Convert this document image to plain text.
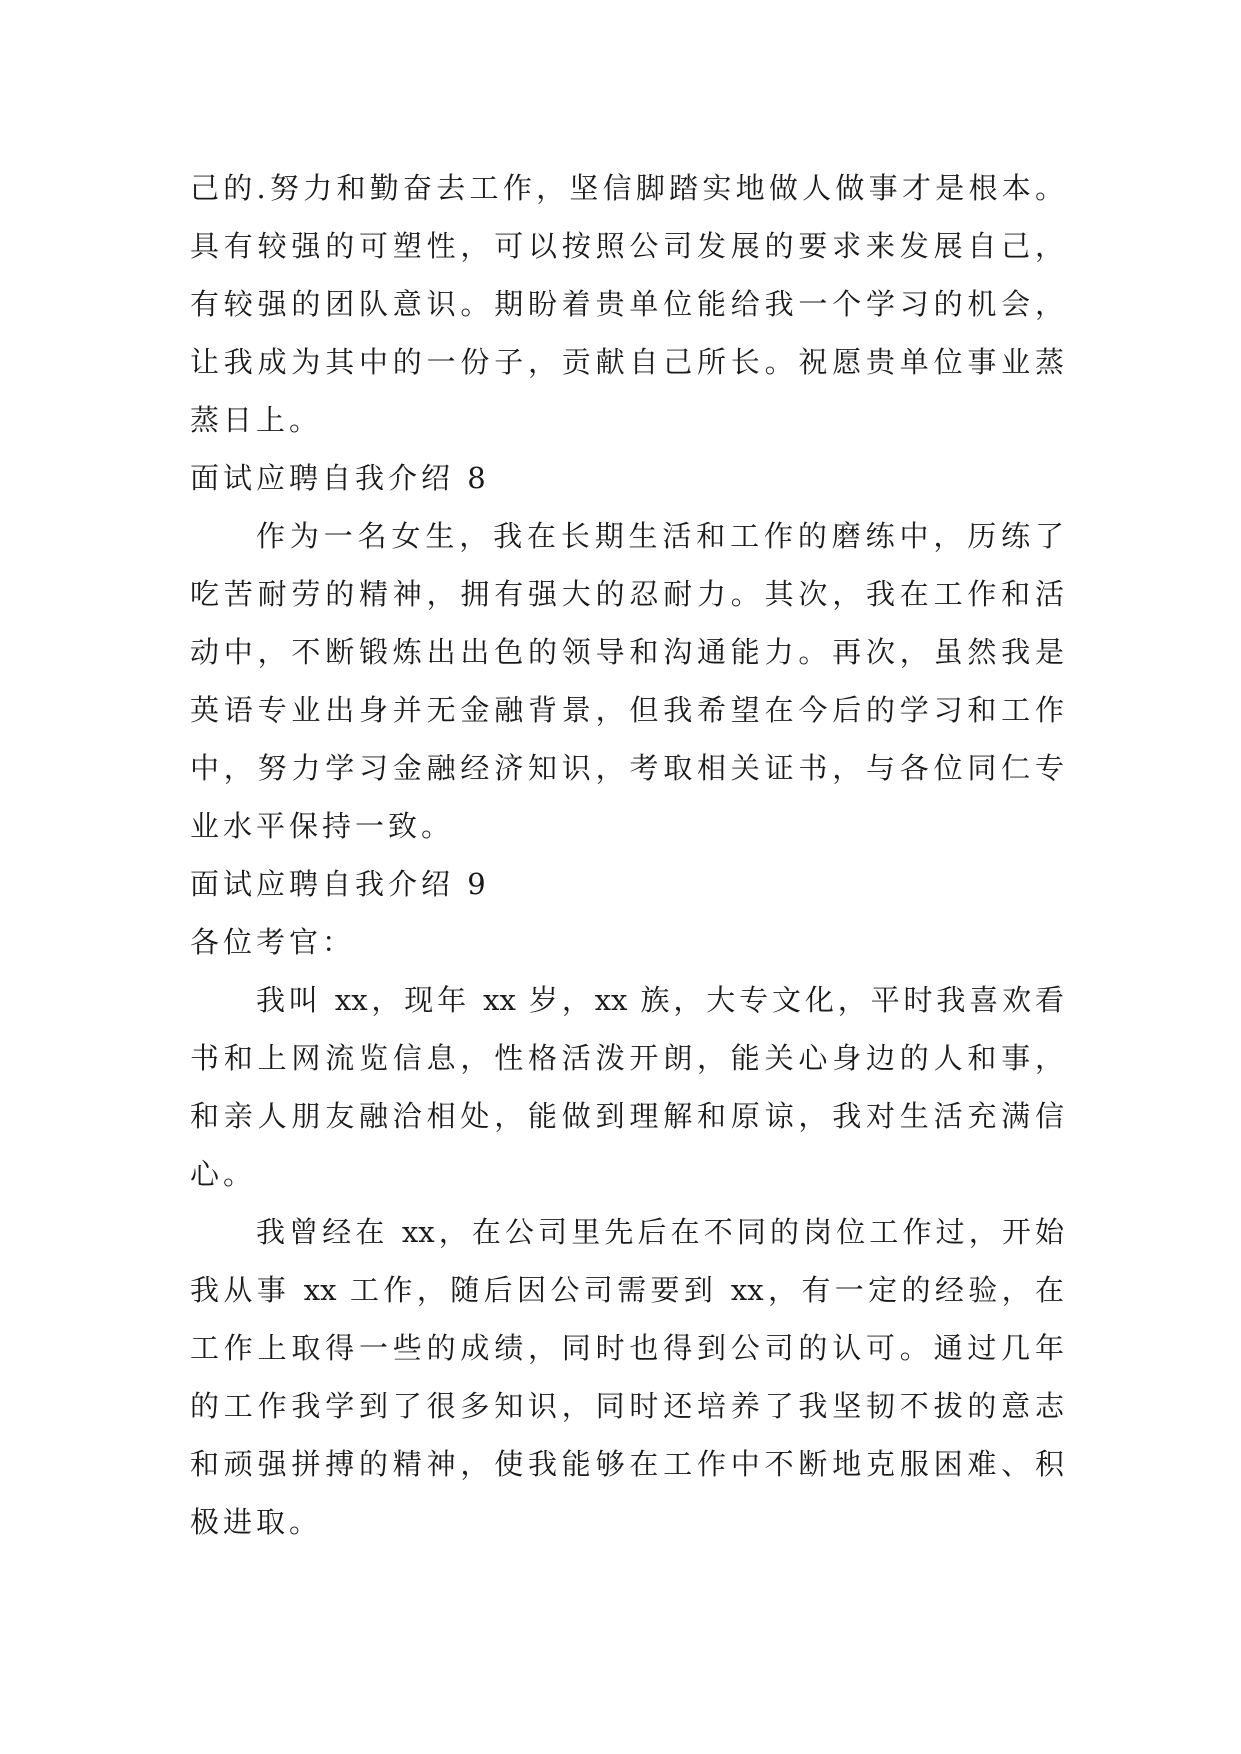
己的.努力和勤奋去工作，坚信脚踏实地做人做事才是根本。
具有较强的可塑性，可以按照公司发展的要求来发展自己，
有较强的团队意识。期盼着贵单位能给我一个学习的机会，
让我成为其中的一份子，贡献自己所长。祝愿贵单位事业蒸
蒸日上。
面试应聘自我介绍 8
作为一名女生，我在长期生活和工作的磨练中，历练了
吃苦耐劳的精神，拥有强大的忍耐力。其次，我在工作和活
动中，不断锻炼出出色的领导和沟通能力。再次，虽然我是
英语专业出身并无金融背景，但我希望在今后的学习和工作
中，努力学习金融经济知识，考取相关证书，与各位同仁专
业水平保持一致。
面试应聘自我介绍 9
各位考官：
我叫 xx，现年 xx 岁，xx 族，大专文化，平时我喜欢看
书和上网流览信息，性格活泼开朗，能关心身边的人和事，
和亲人朋友融洽相处，能做到理解和原谅，我对生活充满信
心。
我曾经在 xx，在公司里先后在不同的岗位工作过，开始
我从事 xx 工作，随后因公司需要到 xx，有一定的经验，在
工作上取得一些的成绩，同时也得到公司的认可。通过几年
的工作我学到了很多知识，同时还培养了我坚韧不拔的意志
和顽强拼搏的精神，使我能够在工作中不断地克服困难、积
极进取。
